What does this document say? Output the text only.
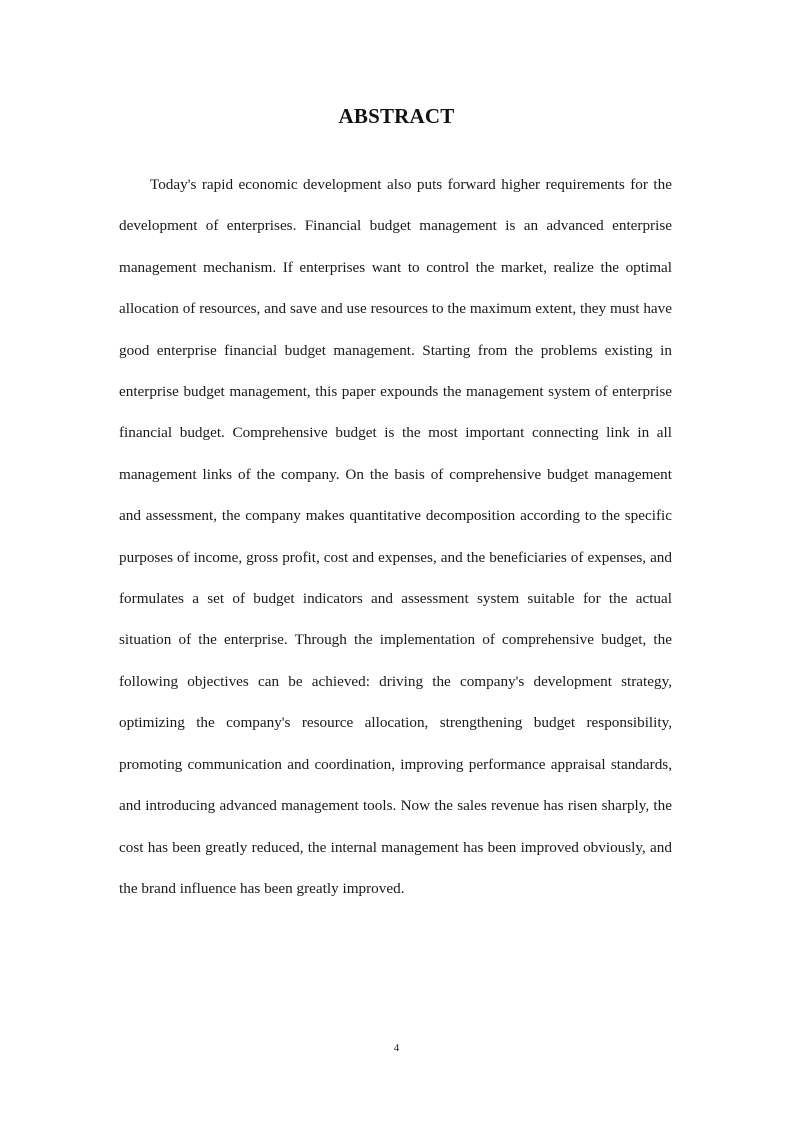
ABSTRACT

Today's rapid economic development also puts forward higher requirements for the development of enterprises. Financial budget management is an advanced enterprise management mechanism. If enterprises want to control the market, realize the optimal allocation of resources, and save and use resources to the maximum extent, they must have good enterprise financial budget management. Starting from the problems existing in enterprise budget management, this paper expounds the management system of enterprise financial budget. Comprehensive budget is the most important connecting link in all management links of the company. On the basis of comprehensive budget management and assessment, the company makes quantitative decomposition according to the specific purposes of income, gross profit, cost and expenses, and the beneficiaries of expenses, and formulates a set of budget indicators and assessment system suitable for the actual situation of the enterprise. Through the implementation of comprehensive budget, the following objectives can be achieved: driving the company's development strategy, optimizing the company's resource allocation, strengthening budget responsibility, promoting communication and coordination, improving performance appraisal standards, and introducing advanced management tools. Now the sales revenue has risen sharply, the cost has been greatly reduced, the internal management has been improved obviously, and the brand influence has been greatly improved.

4
